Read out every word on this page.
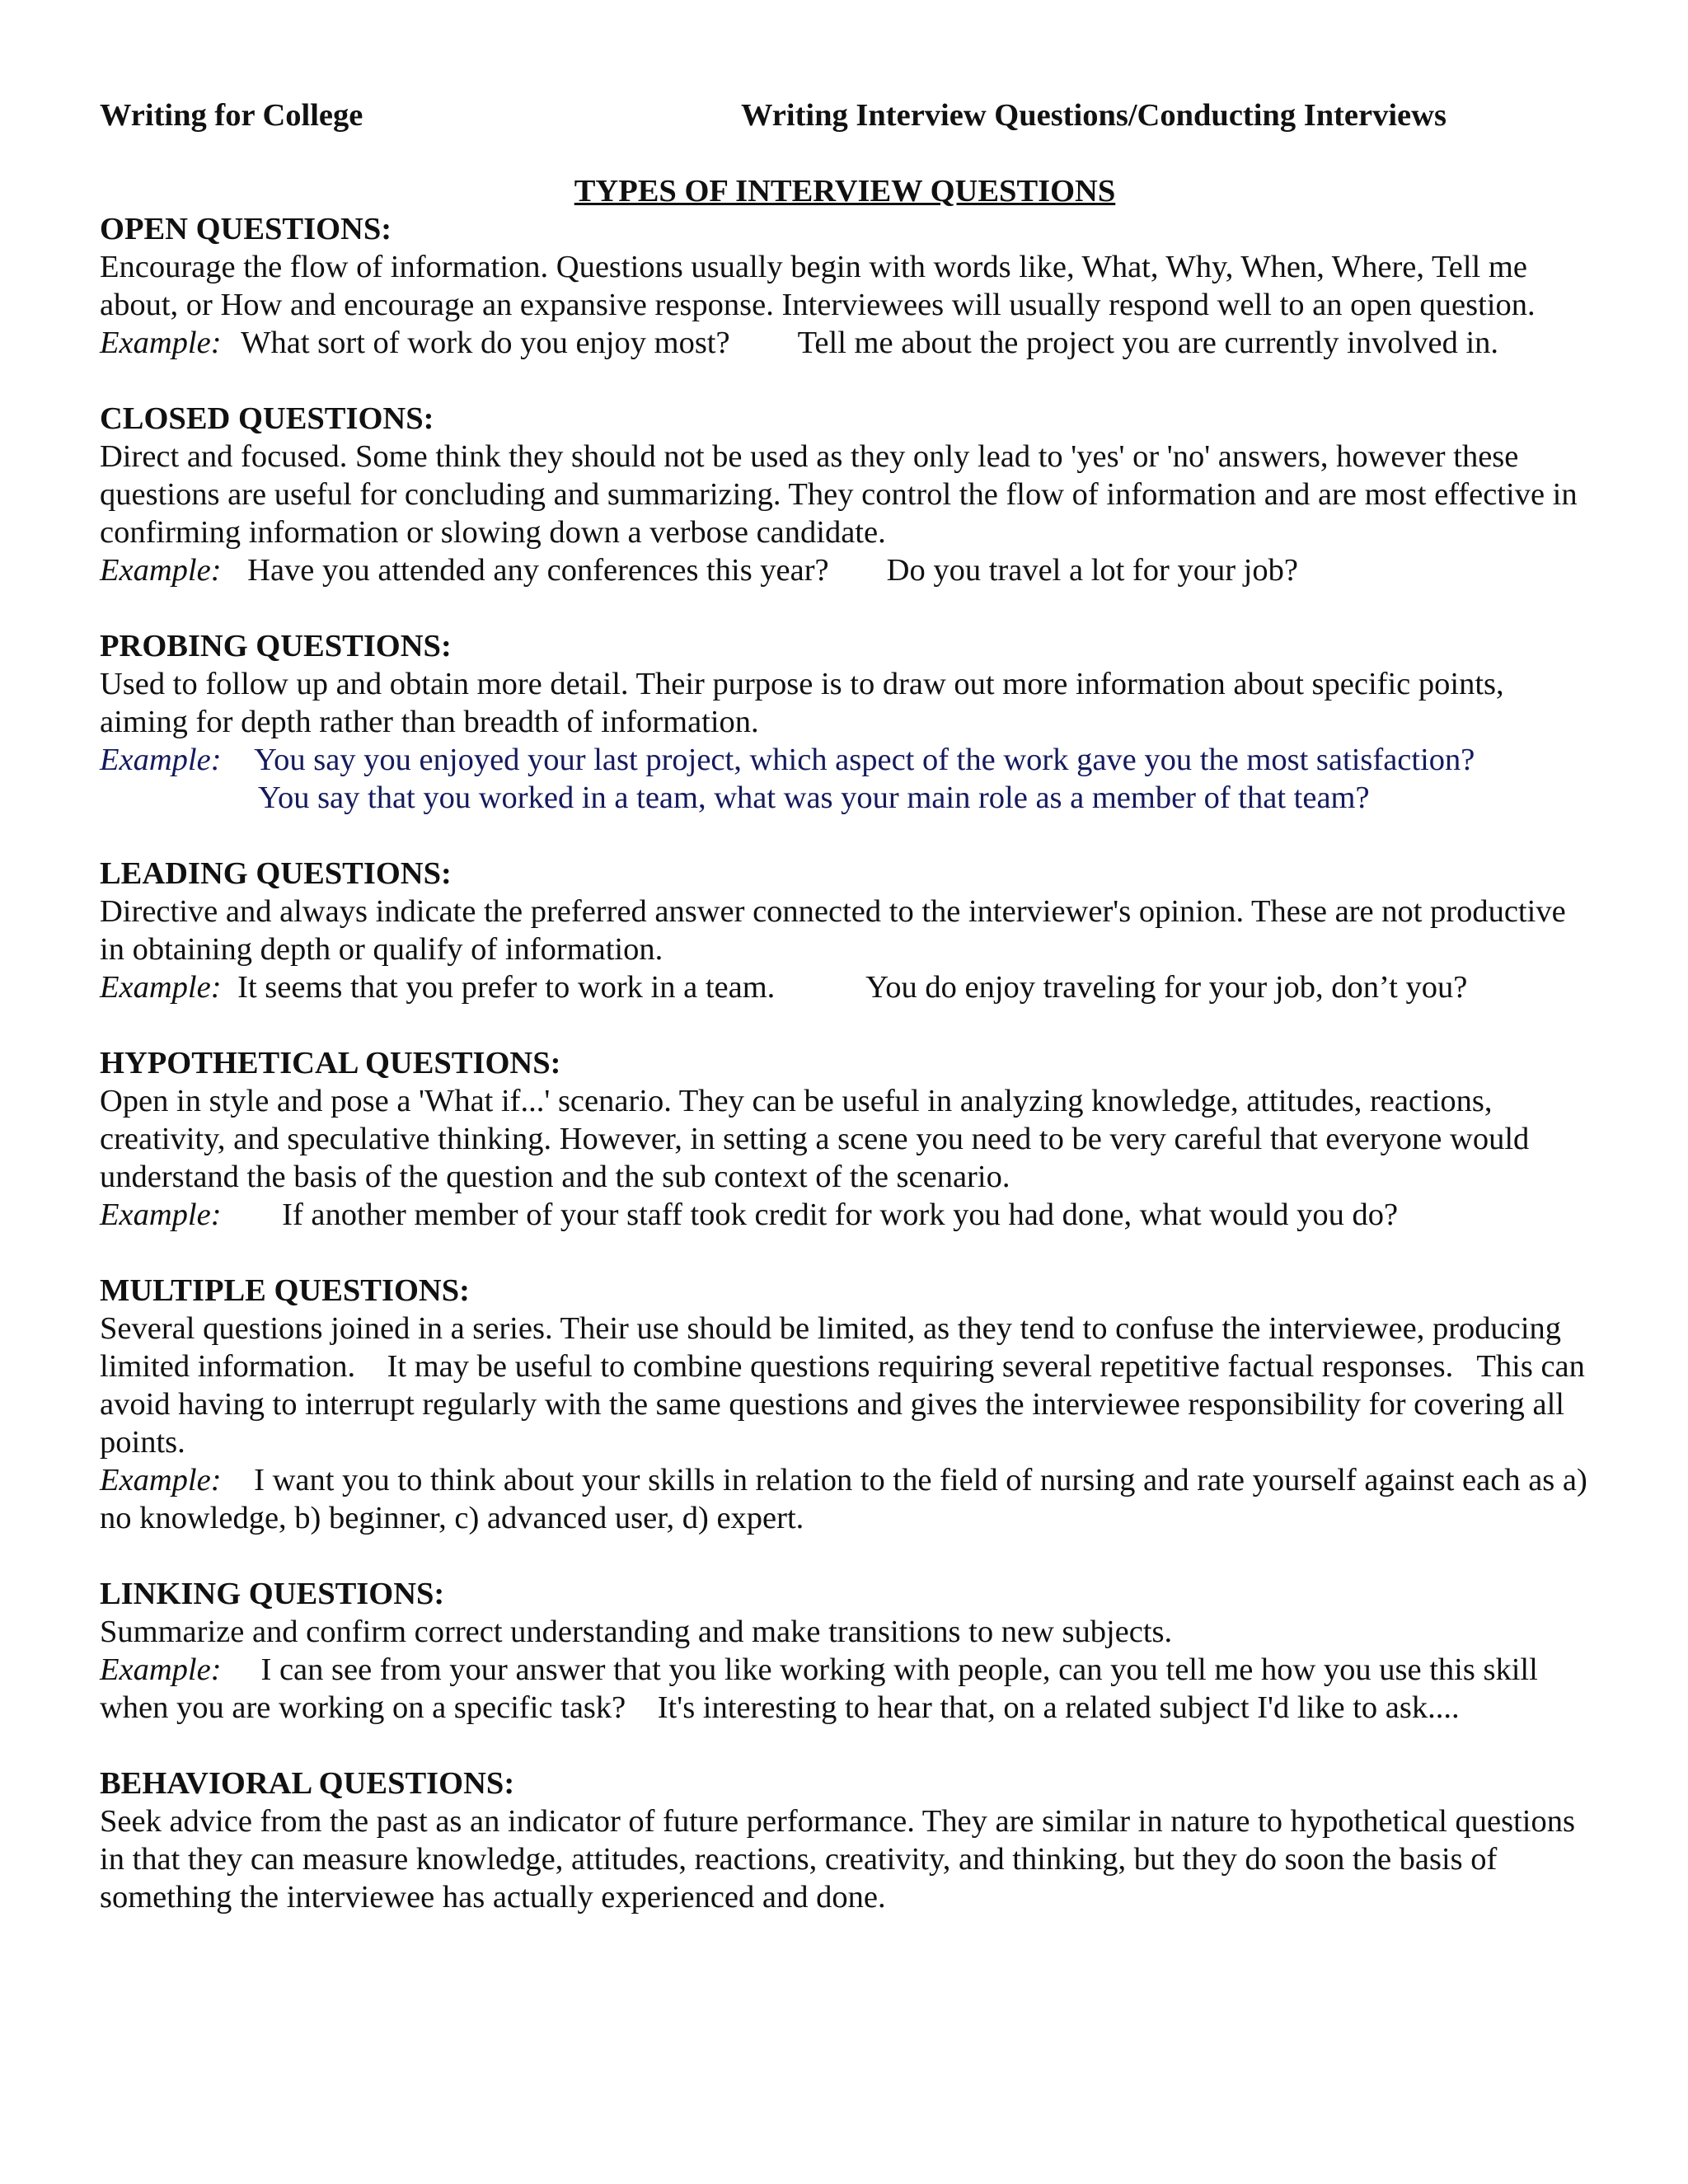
Writing for College	Writing Interview Questions/Conducting Interviews
TYPES OF INTERVIEW QUESTIONS
OPEN QUESTIONS:
Encourage the flow of information. Questions usually begin with words like, What, Why, When, Where, Tell me about, or How and encourage an expansive response. Interviewees will usually respond well to an open question.
Example: What sort of work do you enjoy most? Tell me about the project you are currently involved in.
CLOSED QUESTIONS:
Direct and focused. Some think they should not be used as they only lead to 'yes' or 'no' answers, however these questions are useful for concluding and summarizing. They control the flow of information and are most effective in confirming information or slowing down a verbose candidate.
Example: Have you attended any conferences this year? Do you travel a lot for your job?
PROBING QUESTIONS:
Used to follow up and obtain more detail. Their purpose is to draw out more information about specific points, aiming for depth rather than breadth of information.
Example: You say you enjoyed your last project, which aspect of the work gave you the most satisfaction?
You say that you worked in a team, what was your main role as a member of that team?
LEADING QUESTIONS:
Directive and always indicate the preferred answer connected to the interviewer's opinion. These are not productive in obtaining depth or qualify of information.
Example: It seems that you prefer to work in a team.	You do enjoy traveling for your job, don’t you?
HYPOTHETICAL QUESTIONS:
Open in style and pose a 'What if...' scenario. They can be useful in analyzing knowledge, attitudes, reactions, creativity, and speculative thinking. However, in setting a scene you need to be very careful that everyone would understand the basis of the question and the sub context of the scenario.
Example: If another member of your staff took credit for work you had done, what would you do?
MULTIPLE QUESTIONS:
Several questions joined in a series. Their use should be limited, as they tend to confuse the interviewee, producing limited information.    It may be useful to combine questions requiring several repetitive factual responses.   This can avoid having to interrupt regularly with the same questions and gives the interviewee responsibility for covering all points.
Example: I want you to think about your skills in relation to the field of nursing and rate yourself against each as a) no knowledge, b) beginner, c) advanced user, d) expert.
LINKING QUESTIONS:
Summarize and confirm correct understanding and make transitions to new subjects.
Example: I can see from your answer that you like working with people, can you tell me how you use this skill when you are working on a specific task?    It's interesting to hear that, on a related subject I'd like to ask....
BEHAVIORAL QUESTIONS:
Seek advice from the past as an indicator of future performance. They are similar in nature to hypothetical questions in that they can measure knowledge, attitudes, reactions, creativity, and thinking, but they do soon the basis of something the interviewee has actually experienced and done.
